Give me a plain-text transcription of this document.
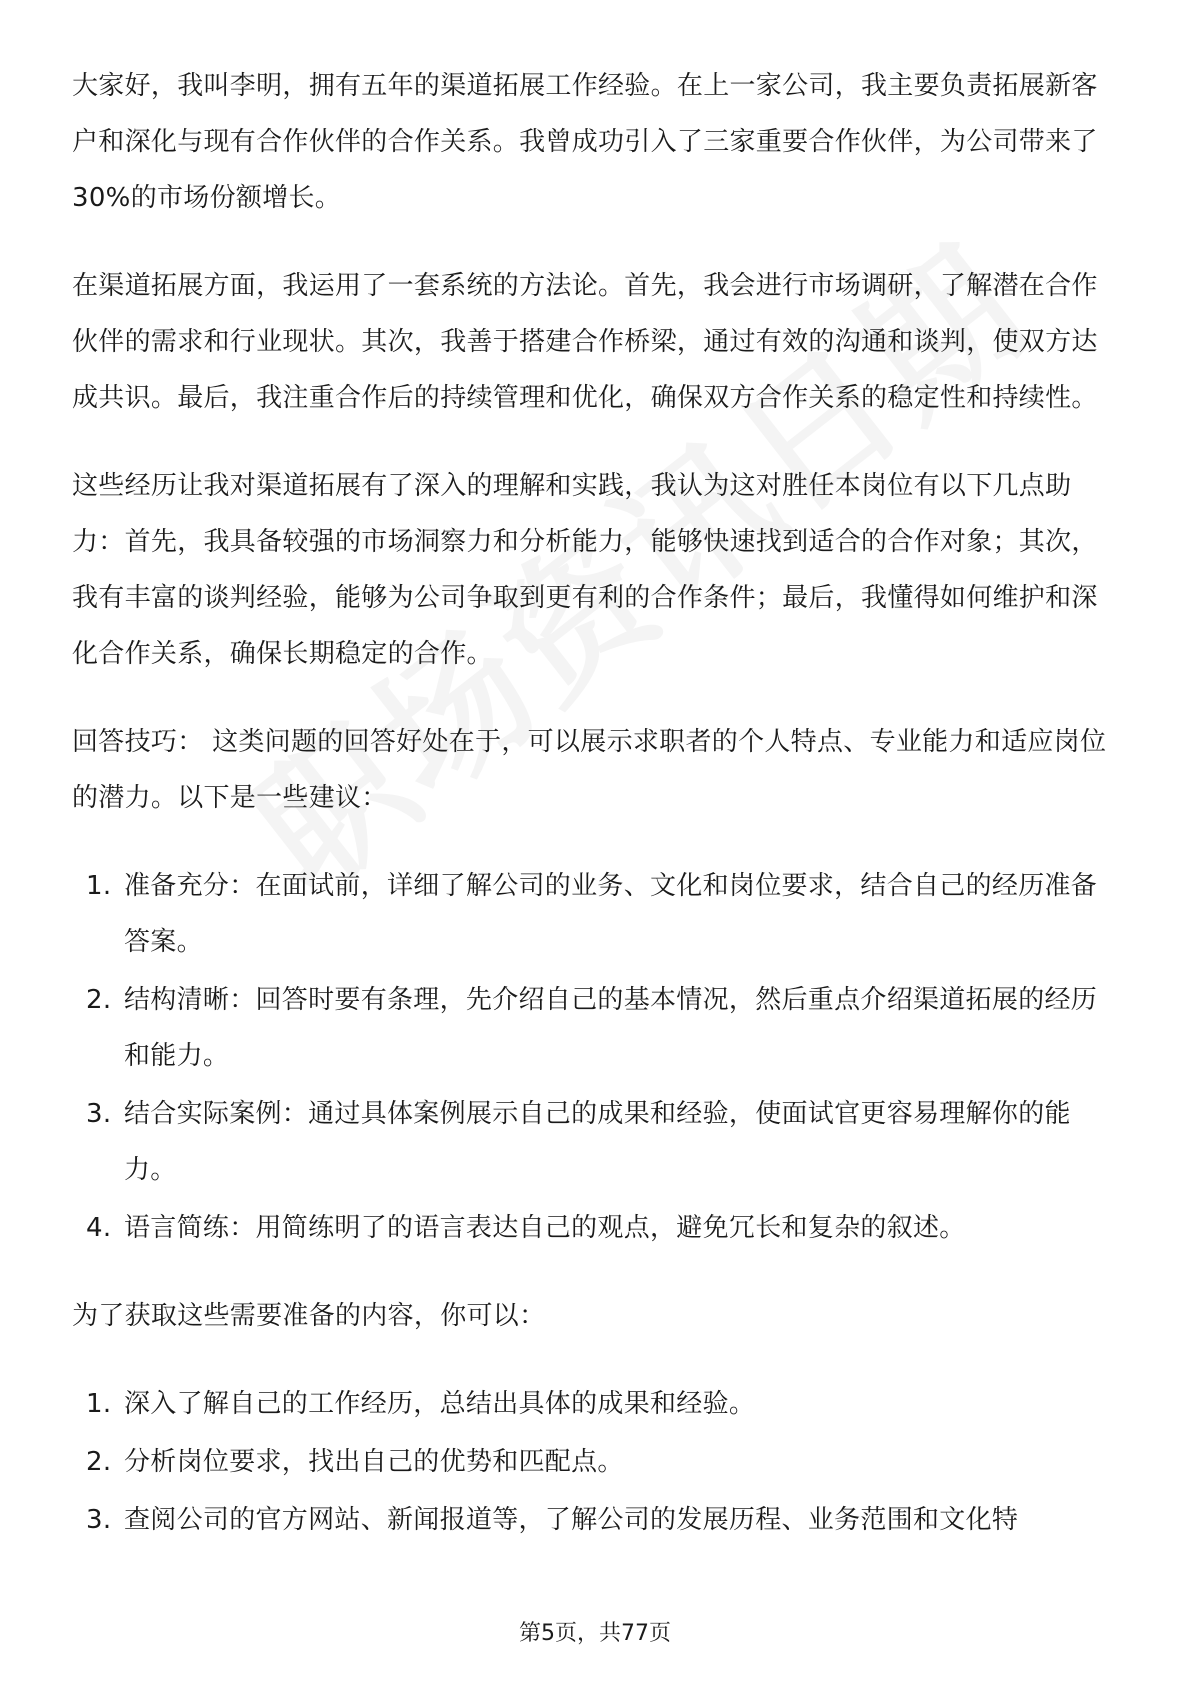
大家好，我叫李明，拥有五年的渠道拓展工作经验。在上一家公司，我主要负责拓展新客户和深化与现有合作伙伴的合作关系。我曾成功引入了三家重要合作伙伴，为公司带来了30%的市场份额增长。

在渠道拓展方面，我运用了一套系统的方法论。首先，我会进行市场调研，了解潜在合作伙伴的需求和行业现状。其次，我善于搭建合作桥梁，通过有效的沟通和谈判，使双方达成共识。最后，我注重合作后的持续管理和优化，确保双方合作关系的稳定性和持续性。

这些经历让我对渠道拓展有了深入的理解和实践，我认为这对胜任本岗位有以下几点助力：首先，我具备较强的市场洞察力和分析能力，能够快速找到适合的合作对象；其次，我有丰富的谈判经验，能够为公司争取到更有利的合作条件；最后，我懂得如何维护和深化合作关系，确保长期稳定的合作。

回答技巧： 这类问题的回答好处在于，可以展示求职者的个人特点、专业能力和适应岗位的潜力。以下是一些建议：

1. 准备充分：在面试前，详细了解公司的业务、文化和岗位要求，结合自己的经历准备答案。
2. 结构清晰：回答时要有条理，先介绍自己的基本情况，然后重点介绍渠道拓展的经历和能力。
3. 结合实际案例：通过具体案例展示自己的成果和经验，使面试官更容易理解你的能力。
4. 语言简练：用简练明了的语言表达自己的观点，避免冗长和复杂的叙述。

为了获取这些需要准备的内容，你可以：

1. 深入了解自己的工作经历，总结出具体的成果和经验。
2. 分析岗位要求，找出自己的优势和匹配点。
3. 查阅公司的官方网站、新闻报道等，了解公司的发展历程、业务范围和文化特
第5页，共77页
